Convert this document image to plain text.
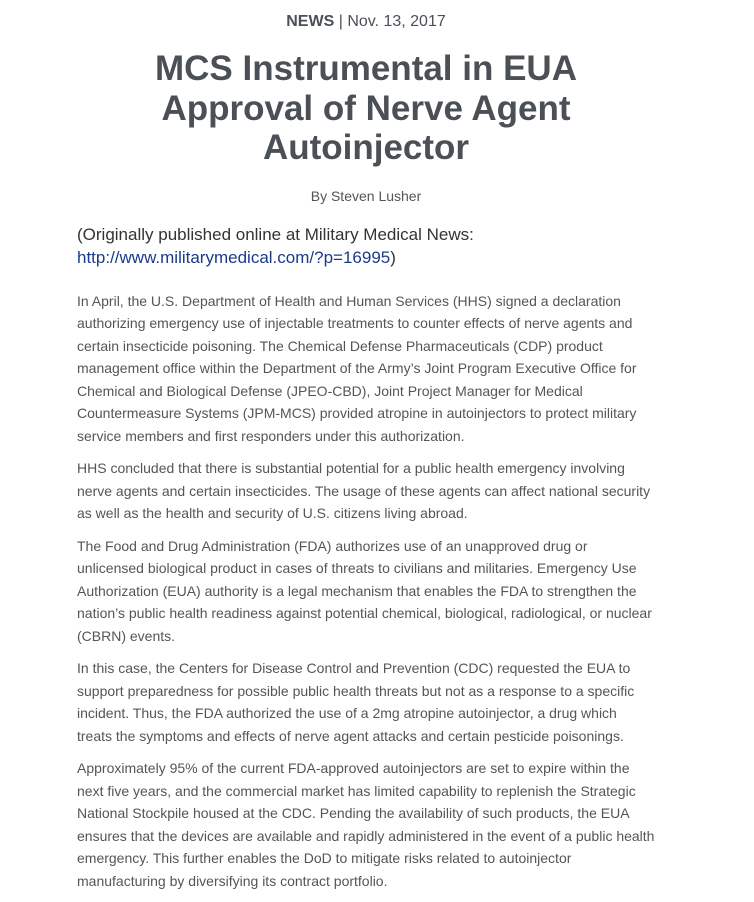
NEWS | Nov. 13, 2017
MCS Instrumental in EUA Approval of Nerve Agent Autoinjector
By Steven Lusher
(Originally published online at Military Medical News: http://www.militarymedical.com/?p=16995)

In April, the U.S. Department of Health and Human Services (HHS) signed a declaration authorizing emergency use of injectable treatments to counter effects of nerve agents and certain insecticide poisoning. The Chemical Defense Pharmaceuticals (CDP) product management office within the Department of the Army’s Joint Program Executive Office for Chemical and Biological Defense (JPEO-CBD), Joint Project Manager for Medical Countermeasure Systems (JPM-MCS) provided atropine in autoinjectors to protect military service members and first responders under this authorization.

HHS concluded that there is substantial potential for a public health emergency involving nerve agents and certain insecticides. The usage of these agents can affect national security as well as the health and security of U.S. citizens living abroad.

The Food and Drug Administration (FDA) authorizes use of an unapproved drug or unlicensed biological product in cases of threats to civilians and militaries. Emergency Use Authorization (EUA) authority is a legal mechanism that enables the FDA to strengthen the nation’s public health readiness against potential chemical, biological, radiological, or nuclear (CBRN) events.

In this case, the Centers for Disease Control and Prevention (CDC) requested the EUA to support preparedness for possible public health threats but not as a response to a specific incident. Thus, the FDA authorized the use of a 2mg atropine autoinjector, a drug which treats the symptoms and effects of nerve agent attacks and certain pesticide poisonings.

Approximately 95% of the current FDA-approved autoinjectors are set to expire within the next five years, and the commercial market has limited capability to replenish the Strategic National Stockpile housed at the CDC. Pending the availability of such products, the EUA ensures that the devices are available and rapidly administered in the event of a public health emergency. This further enables the DoD to mitigate risks related to autoinjector manufacturing by diversifying its contract portfolio.
